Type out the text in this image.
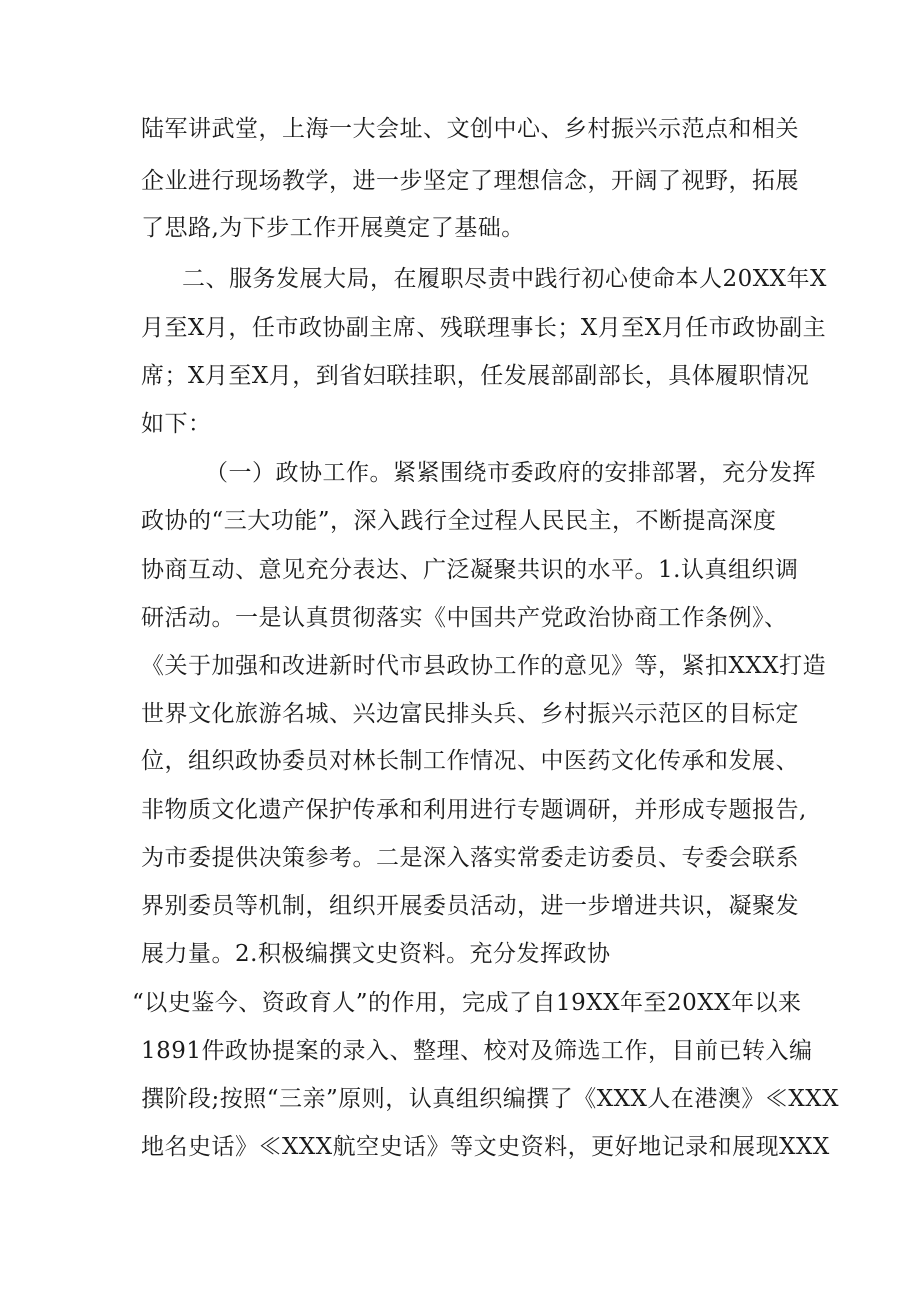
陆军讲武堂，上海一大会址、文创中心、乡村振兴示范点和相关

企业进行现场教学，进一步坚定了理想信念，开阔了视野，拓展

了思路,为下步工作开展奠定了基础。

二、服务发展大局，在履职尽责中践行初心使命本人20XX年X

月至X月，任市政协副主席、残联理事长；X月至X月任市政协副主

席；X月至X月，到省妇联挂职，任发展部副部长，具体履职情况

如下：

（一）政协工作。紧紧围绕市委政府的安排部署，充分发挥

政协的“三大功能”，深入践行全过程人民民主，不断提高深度

协商互动、意见充分表达、广泛凝聚共识的水平。1.认真组织调

研活动。一是认真贯彻落实《中国共产党政治协商工作条例》、

《关于加强和改进新时代市县政协工作的意见》等，紧扣XXX打造

世界文化旅游名城、兴边富民排头兵、乡村振兴示范区的目标定

位，组织政协委员对林长制工作情况、中医药文化传承和发展、

非物质文化遗产保护传承和利用进行专题调研，并形成专题报告,

为市委提供决策参考。二是深入落实常委走访委员、专委会联系

界别委员等机制，组织开展委员活动，进一步增进共识，凝聚发

展力量。2.积极编撰文史资料。充分发挥政协

“以史鉴今、资政育人”的作用，完成了自19XX年至20XX年以来

1891件政协提案的录入、整理、校对及筛选工作，目前已转入编

撰阶段;按照“三亲”原则，认真组织编撰了《XXX人在港澳》≪XXX

地名史话》≪XXX航空史话》等文史资料，更好地记录和展现XXX
